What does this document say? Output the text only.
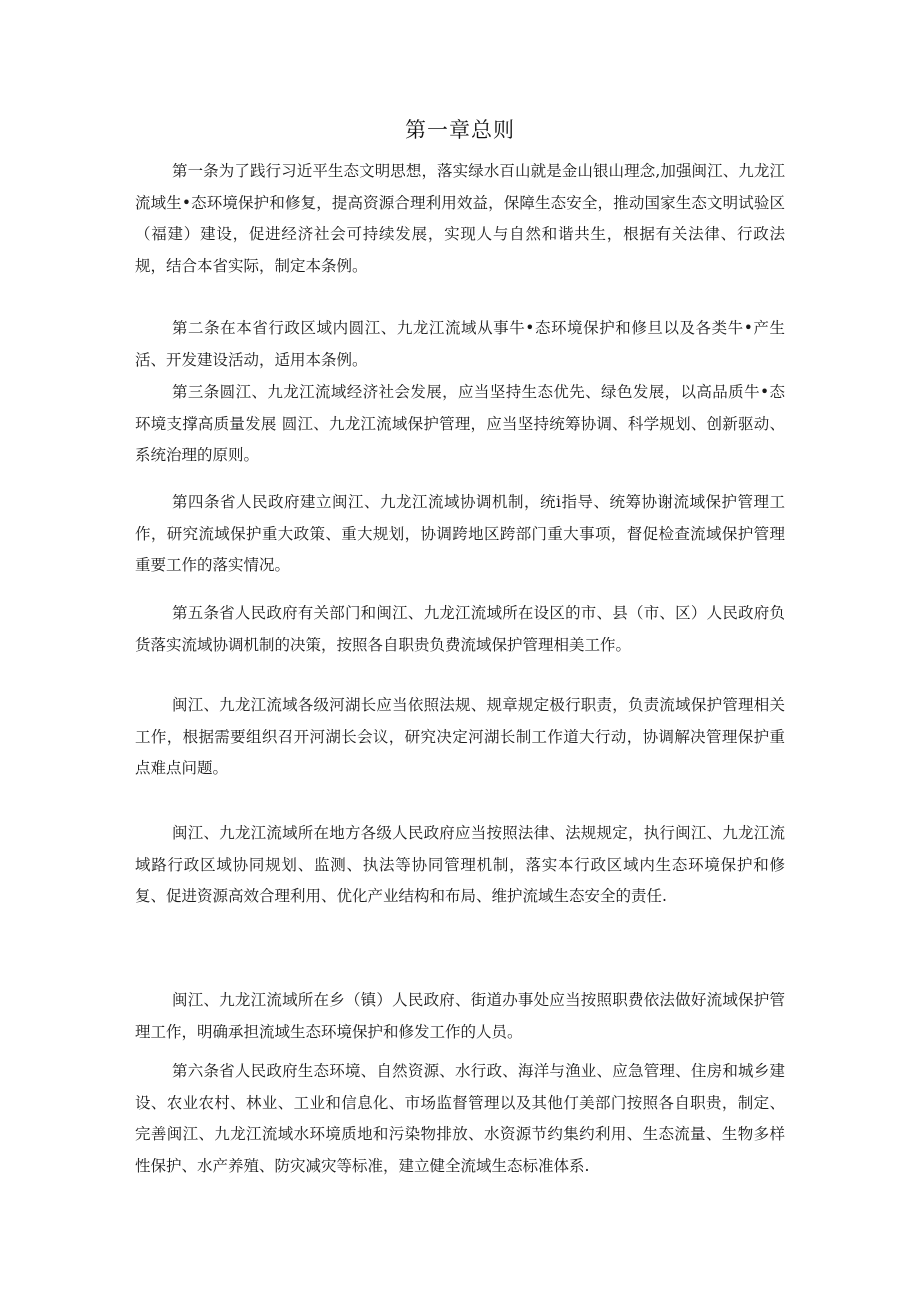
第一章总则

第一条为了践行习近平生态文明思想，落实绿水百山就是金山银山理念,加强闽江、九龙江流域生•态环境保护和修复，提高资源合理利用效益，保障生态安全，推动国家生态文明试验区（福建）建设，促进经济社会可持续发展，实现人与自然和谐共生，根据有关法律、行政法规，结合本省实际，制定本条例。

第二条在本省行政区域内圆江、九龙江流域从事牛•态环境保护和修旦以及各类牛•产生活、开发建设活动，适用本条例。

第三条圆江、九龙江流域经济社会发展，应当坚持生态优先、绿色发展，以高品质牛•态环境支撑高质量发展 圆江、九龙江流域保护管理，应当坚持统筹协调、科学规划、创新驱动、系统治理的原则。

第四条省人民政府建立闽江、九龙江流域协调机制，统i指导、统筹协谢流域保护管理工作，研究流域保护重大政策、重大规划，协调跨地区跨部门重大事项，督促检查流域保护管理重要工作的落实情况。

第五条省人民政府有关部门和闽江、九龙江流域所在设区的市、县（市、区）人民政府负货落实流域协调机制的决策，按照各自职贵负费流域保护管理相美工作。

闽江、九龙江流域各级河湖长应当依照法规、规章规定极行职责，负责流域保护管理相关工作，根据需要组织召开河湖长会议，研究决定河湖长制工作道大行动，协调解决管理保护重点难点问题。

闽江、九龙江流域所在地方各级人民政府应当按照法律、法规规定，执行闽江、九龙江流域路行政区域协同规划、监测、执法等协同管理机制，落实本行政区域内生态环境保护和修复、促进资源高效合理利用、优化产业结构和布局、维护流域生态安全的责任.

闽江、九龙江流域所在乡（镇）人民政府、街道办事处应当按照职费依法做好流域保护管理工作，明确承担流域生态环境保护和修发工作的人员。

第六条省人民政府生态环境、自然资源、水行政、海洋与渔业、应急管理、住房和城乡建设、农业农村、林业、工业和信息化、市场监督管理以及其他仃美部门按照各自职贵，制定、完善闽江、九龙江流域水环境质地和污染物排放、水资源节约集约利用、生态流量、生物多样性保护、水产养殖、防灾减灾等标准，建立健全流域生态标准体系.
